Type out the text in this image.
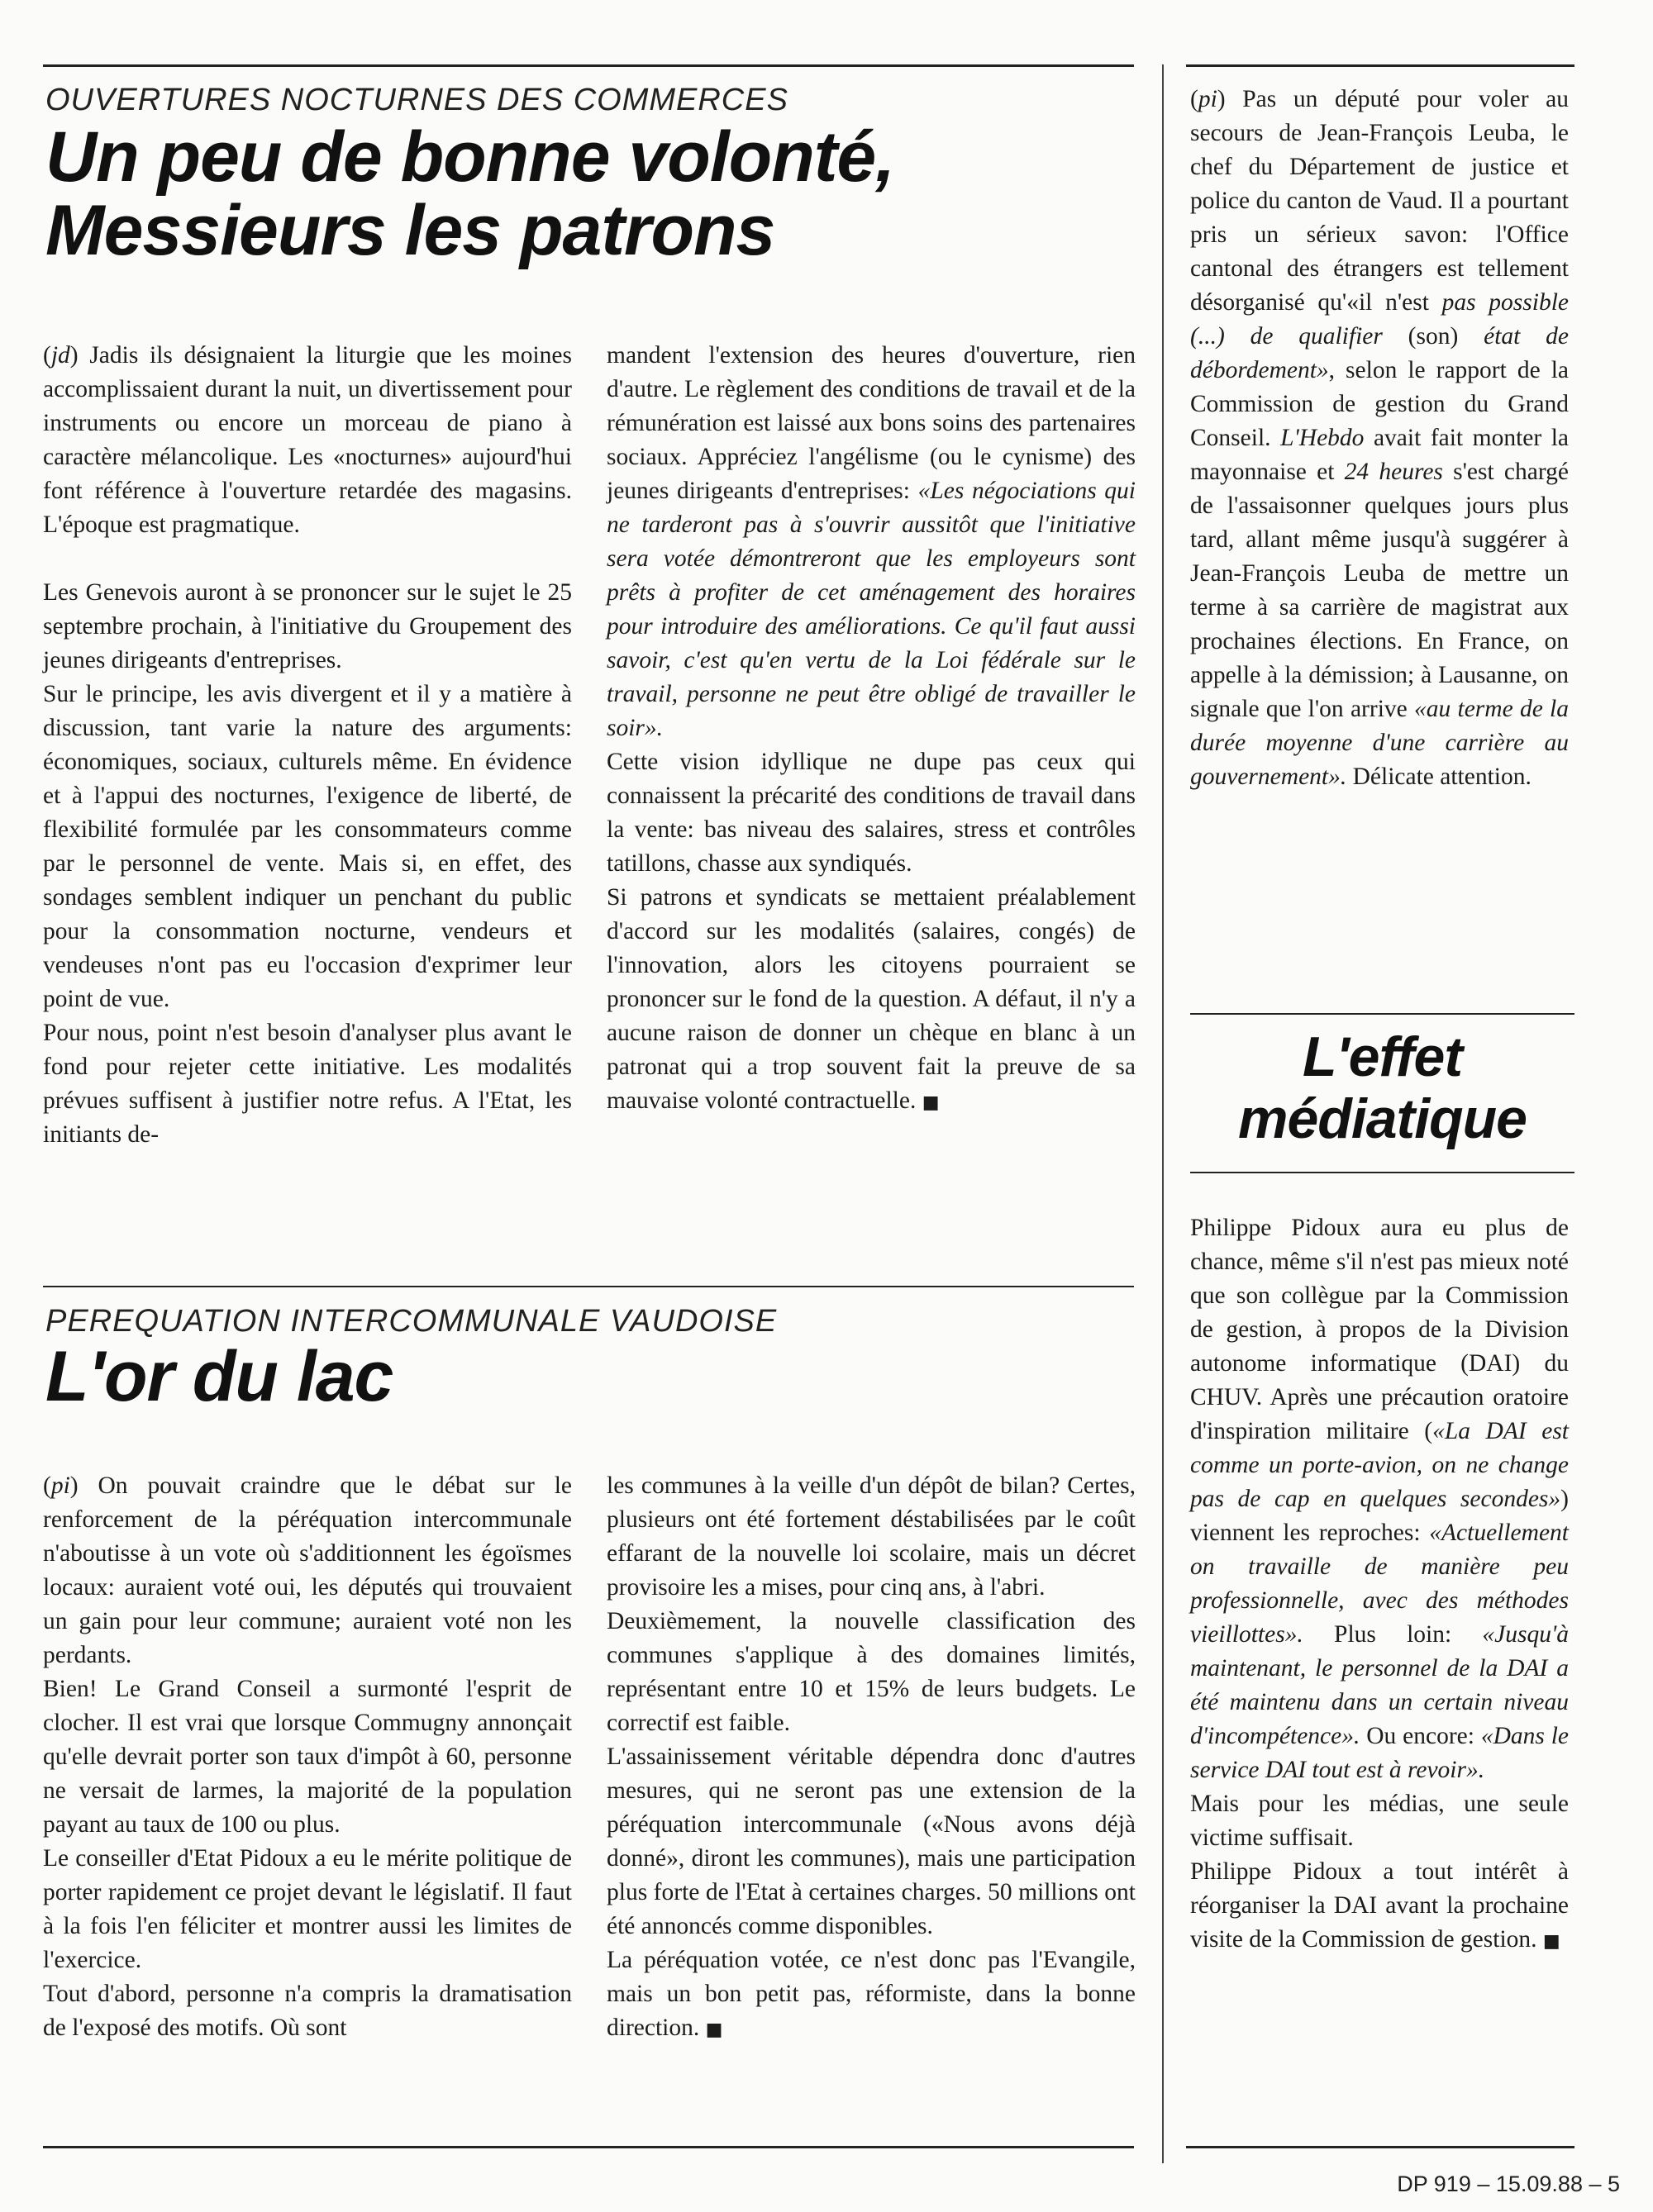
OUVERTURES NOCTURNES DES COMMERCES
Un peu de bonne volonté,
Messieurs les patrons

(jd) Jadis ils désignaient la liturgie que les moines accomplissaient durant la nuit, un divertissement pour instruments ou encore un morceau de piano à caractère mélancolique. Les «nocturnes» aujourd'hui font référence à l'ouverture retardée des magasins. L'époque est pragmatique.

Les Genevois auront à se prononcer sur le sujet le 25 septembre prochain, à l'initiative du Groupement des jeunes dirigeants d'entreprises.

Sur le principe, les avis divergent et il y a matière à discussion, tant varie la nature des arguments: économiques, sociaux, culturels même. En évidence et à l'appui des nocturnes, l'exigence de liberté, de flexibilité formulée par les consommateurs comme par le personnel de vente. Mais si, en effet, des sondages semblent indiquer un penchant du public pour la consommation nocturne, vendeurs et vendeuses n'ont pas eu l'occasion d'exprimer leur point de vue.

Pour nous, point n'est besoin d'analyser plus avant le fond pour rejeter cette initiative. Les modalités prévues suffisent à justifier notre refus. A l'Etat, les initiants de-

mandent l'extension des heures d'ouverture, rien d'autre. Le règlement des conditions de travail et de la rémunération est laissé aux bons soins des partenaires sociaux. Appréciez l'angélisme (ou le cynisme) des jeunes dirigeants d'entreprises: «Les négociations qui ne tarderont pas à s'ouvrir aussitôt que l'initiative sera votée démontreront que les employeurs sont prêts à profiter de cet aménagement des horaires pour introduire des améliorations. Ce qu'il faut aussi savoir, c'est qu'en vertu de la Loi fédérale sur le travail, personne ne peut être obligé de travailler le soir».

Cette vision idyllique ne dupe pas ceux qui connaissent la précarité des conditions de travail dans la vente: bas niveau des salaires, stress et contrôles tatillons, chasse aux syndiqués.

Si patrons et syndicats se mettaient préalablement d'accord sur les modalités (salaires, congés) de l'innovation, alors les citoyens pourraient se prononcer sur le fond de la question. A défaut, il n'y a aucune raison de donner un chèque en blanc à un patronat qui a trop souvent fait la preuve de sa mauvaise volonté contractuelle. ■

PEREQUATION INTERCOMMUNALE VAUDOISE
L'or du lac

(pi) On pouvait craindre que le débat sur le renforcement de la péréquation intercommunale n'aboutisse à un vote où s'additionnent les égoïsmes locaux: auraient voté oui, les députés qui trouvaient un gain pour leur commune; auraient voté non les perdants.

Bien! Le Grand Conseil a surmonté l'esprit de clocher. Il est vrai que lorsque Commugny annonçait qu'elle devrait porter son taux d'impôt à 60, personne ne versait de larmes, la majorité de la population payant au taux de 100 ou plus.

Le conseiller d'Etat Pidoux a eu le mérite politique de porter rapidement ce projet devant le législatif. Il faut à la fois l'en féliciter et montrer aussi les limites de l'exercice.

Tout d'abord, personne n'a compris la dramatisation de l'exposé des motifs. Où sont

les communes à la veille d'un dépôt de bilan? Certes, plusieurs ont été fortement déstabilisées par le coût effarant de la nouvelle loi scolaire, mais un décret provisoire les a mises, pour cinq ans, à l'abri.

Deuxièmement, la nouvelle classification des communes s'applique à des domaines limités, représentant entre 10 et 15% de leurs budgets. Le correctif est faible.

L'assainissement véritable dépendra donc d'autres mesures, qui ne seront pas une extension de la péréquation intercommunale («Nous avons déjà donné», diront les communes), mais une participation plus forte de l'Etat à certaines charges. 50 millions ont été annoncés comme disponibles.

La péréquation votée, ce n'est donc pas l'Evangile, mais un bon petit pas, réformiste, dans la bonne direction. ■

(pi) Pas un député pour voler au secours de Jean-François Leuba, le chef du Département de justice et police du canton de Vaud. Il a pourtant pris un sérieux savon: l'Office cantonal des étrangers est tellement désorganisé qu'«il n'est pas possible (...) de qualifier (son) état de débordement», selon le rapport de la Commission de gestion du Grand Conseil. L'Hebdo avait fait monter la mayonnaise et 24 heures s'est chargé de l'assaisonner quelques jours plus tard, allant même jusqu'à suggérer à Jean-François Leuba de mettre un terme à sa carrière de magistrat aux prochaines élections. En France, on appelle à la démission; à Lausanne, on signale que l'on arrive «au terme de la durée moyenne d'une carrière au gouvernement». Délicate attention.

L'effet
médiatique

Philippe Pidoux aura eu plus de chance, même s'il n'est pas mieux noté que son collègue par la Commission de gestion, à propos de la Division autonome informatique (DAI) du CHUV. Après une précaution oratoire d'inspiration militaire («La DAI est comme un porte-avion, on ne change pas de cap en quelques secondes») viennent les reproches: «Actuellement on travaille de manière peu professionnelle, avec des méthodes vieillottes». Plus loin: «Jusqu'à maintenant, le personnel de la DAI a été maintenu dans un certain niveau d'incompétence». Ou encore: «Dans le service DAI tout est à revoir».

Mais pour les médias, une seule victime suffisait.

Philippe Pidoux a tout intérêt à réorganiser la DAI avant la prochaine visite de la Commission de gestion. ■

DP 919 – 15.09.88 – 5
